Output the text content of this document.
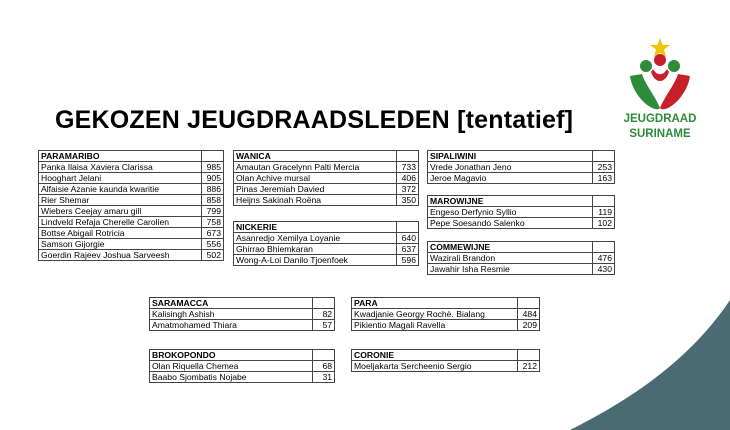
JEUGDRAAD
SURINAME
GEKOZEN JEUGDRAADSLEDEN [tentatief]
PARAMARIBO	
Panka Ilaisa Xaviera Clarissa	985
Hooghart Jelani	905
Alfaisie Azanie kaunda kwaritie	886
Rier Shemar	858
Wiebers Ceejay amaru gill	799
Lindveld Refaja Cherelle Carolien	758
Bottse Abigail Rotricia	673
Samson Gijorgie	556
Goerdin Rajeev Joshua Sarveesh	502
WANICA	
Amautan Gracelynn Palti Mercia	733
Olan Achive mursal	406
Pinas Jeremiah Davied	372
Heijns Sakinah Roëna	350
NICKERIE	
Asanredjo Xemilya Loyanie	640
Ghirrao Bhiemkaran	637
Wong-A-Loi Danilo Tjoenfoek	596
SIPALIWINI	
Vrede Jonathan Jeno	253
Jeroe Magavio	163
MAROWIJNE	
Engeso Derfynio Syllio	119
Pepe Soesando Salenko	102
COMMEWIJNE	
Wazirali Brandon	476
Jawahir Isha Resmie	430
SARAMACCA	
Kalisingh Ashish	82
Amatmohamed Thiara	57
PARA	
Kwadjanie Georgy Rochè. Bialang	484
Pikientio Magali Ravella	209
BROKOPONDO	
Olan Riquella Chemea	68
Baabo Sjombatis Nojabe	31
CORONIE	
Moeljakarta Sercheenio Sergio	212
